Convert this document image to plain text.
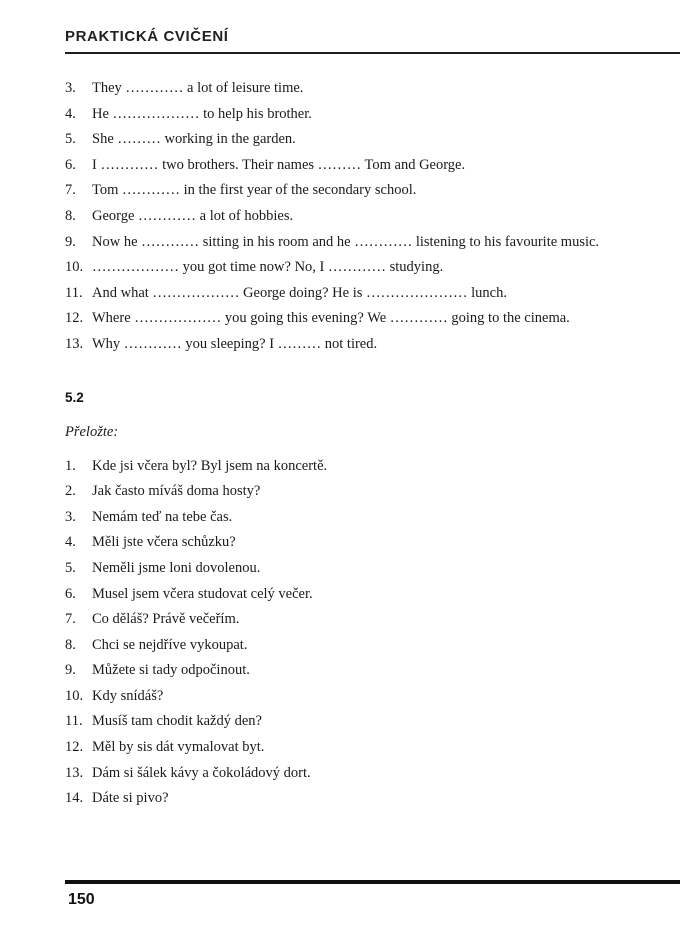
PRAKTICKÁ CVIČENÍ
3.	They ………… a lot of leisure time.
4.	He ……………… to help his brother.
5.	She ……… working in the garden.
6.	I ………… two brothers. Their names ……… Tom and George.
7.	Tom ………… in the first year of the secondary school.
8.	George ………… a lot of hobbies.
9.	Now he ………… sitting in his room and he ………… listening to his favourite music.
10. ……………… you got time now? No, I ………… studying.
11. And what ……………… George doing? He is ………………… lunch.
12. Where ……………… you going this evening? We ………… going to the cinema.
13. Why ………… you sleeping? I ……… not tired.
5.2
Přeložte:
1.	Kde jsi včera byl? Byl jsem na koncertě.
2.	Jak často míváš doma hosty?
3.	Nemám teď na tebe čas.
4.	Měli jste včera schůzku?
5.	Neměli jsme loni dovolenou.
6.	Musel jsem včera studovat celý večer.
7.	Co děláš? Právě večeřím.
8.	Chci se nejdříve vykoupat.
9.	Můžete si tady odpočinout.
10. Kdy snídáš?
11. Musíš tam chodit každý den?
12. Měl by sis dát vymalovat byt.
13. Dám si šálek kávy a čokoládový dort.
14. Dáte si pivo?
150
